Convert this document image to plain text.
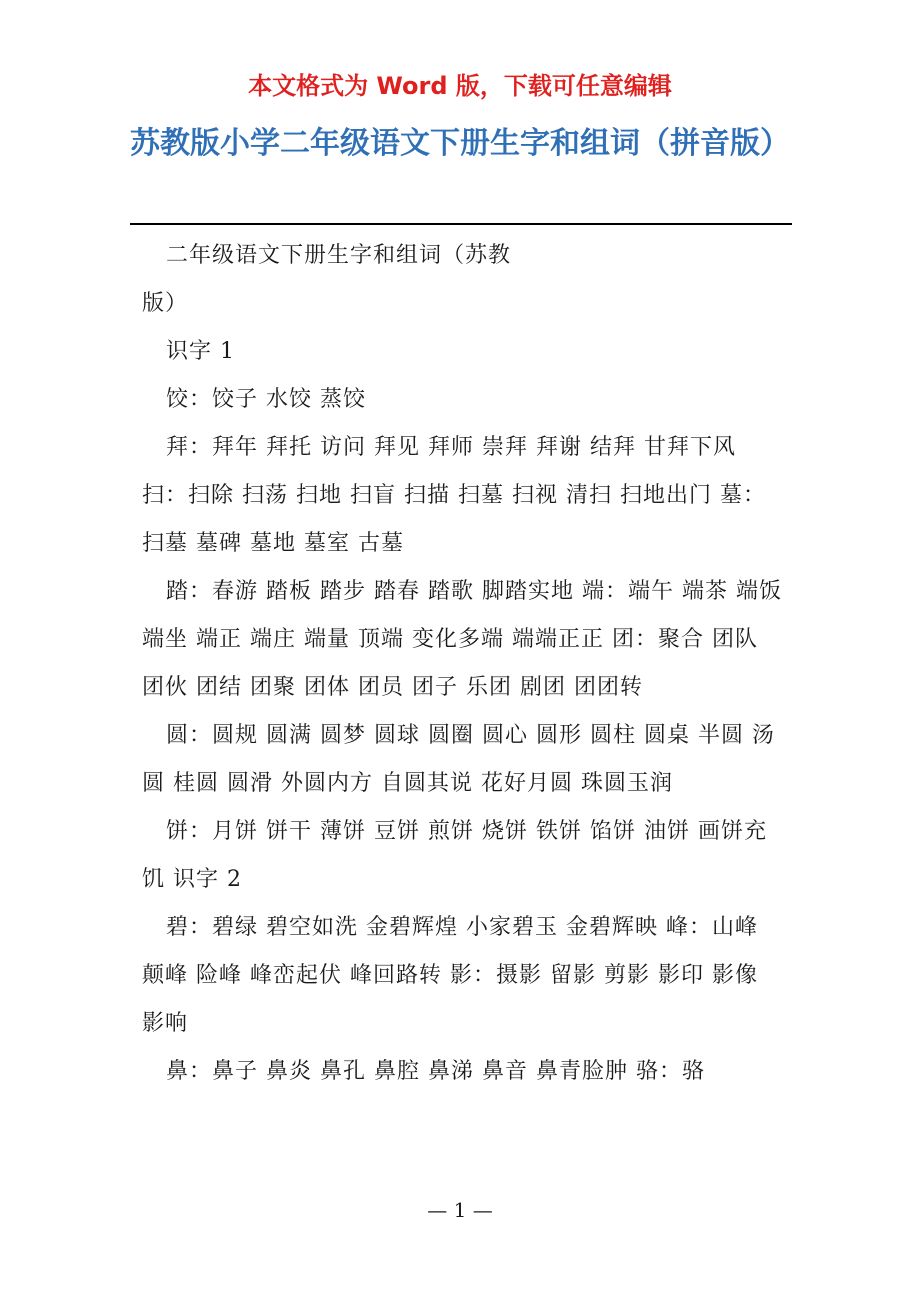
本文格式为 Word 版，下载可任意编辑

苏教版小学二年级语文下册生字和组词（拼音版）

二年级语文下册生字和组词（苏教版）

识字 1

饺：饺子 水饺 蒸饺

拜：拜年 拜托 访问 拜见 拜师 崇拜 拜谢 结拜 甘拜下风 扫：扫除 扫荡 扫地 扫盲 扫描 扫墓 扫视 清扫 扫地出门 墓：扫墓 墓碑 墓地 墓室 古墓

踏：春游 踏板 踏步 踏春 踏歌 脚踏实地 端：端午 端茶 端饭 端坐 端正 端庄 端量 顶端 变化多端 端端正正 团：聚合 团队 团伙 团结 团聚 团体 团员 团子 乐团 剧团 团团转

圆：圆规 圆满 圆梦 圆球 圆圈 圆心 圆形 圆柱 圆桌 半圆 汤圆 桂圆 圆滑 外圆内方 自圆其说 花好月圆 珠圆玉润

饼：月饼 饼干 薄饼 豆饼 煎饼 烧饼 铁饼 馅饼 油饼 画饼充饥 识字 2

碧：碧绿 碧空如洗 金碧辉煌 小家碧玉 金碧辉映 峰：山峰 颠峰 险峰 峰峦起伏 峰回路转 影：摄影 留影 剪影 影印 影像 影响

鼻：鼻子 鼻炎 鼻孔 鼻腔 鼻涕 鼻音 鼻青脸肿 骆：骆

— 1 —
